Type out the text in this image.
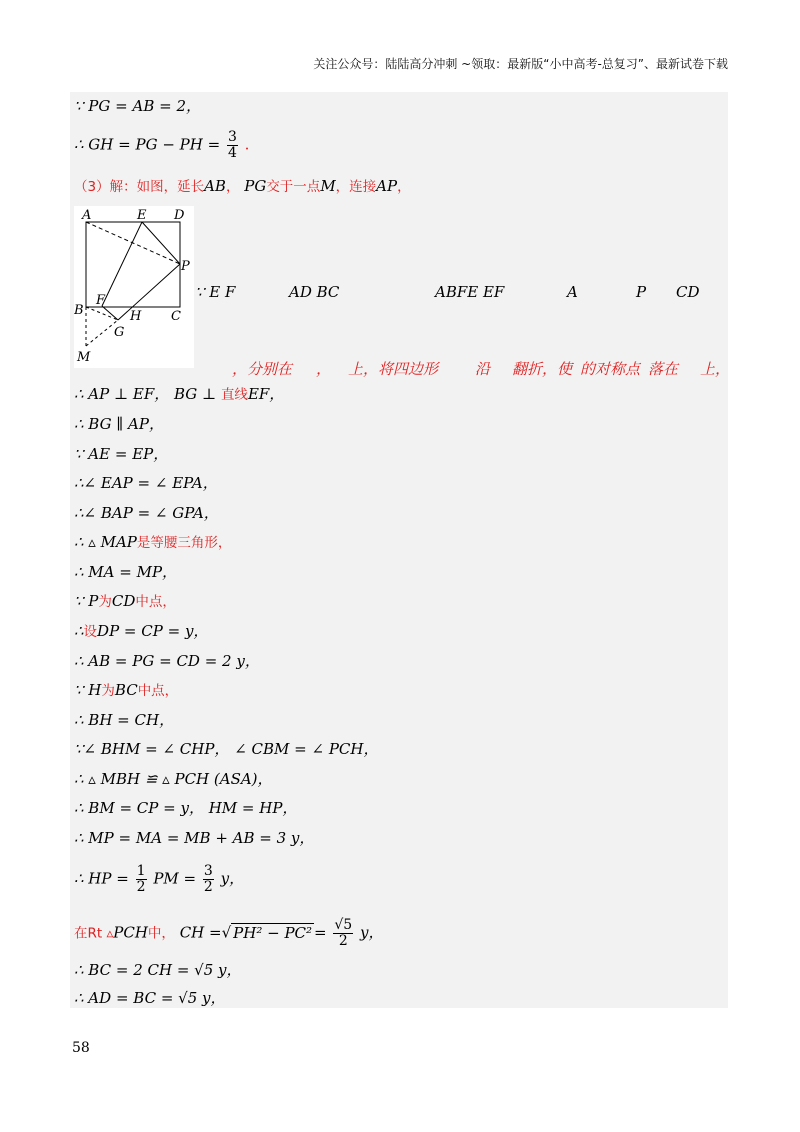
关注公众号：陆陆高分冲刺 ~领取：最新版“小中高考-总复习”、最新试卷下载
∵ PG = AB = 2，
∴ GH = PG − PH = $\frac{3}{4}$ .
（3）解：如图，延长AB， PG交于一点M，连接AP，
∴ AP ⊥ EF， BG ⊥ 直线EF，
∴ BG ∥ AP，
∵ AE = EP，
∴∠ EAP = ∠ EPA，
∴∠ BAP = ∠ GPA，
∴ ▵ MAP是等腰三角形，
∴ MA = MP，
∵ P为CD中点，
∴设DP = CP = y，
∴ AB = PG = CD = 2 y，
∵ H为BC中点，
∴ BH = CH，
∵∠ BHM = ∠ CHP， ∠ CBM = ∠ PCH，
∴ ▵ MBH ≌ ▵ PCH (ASA)，
∴ BM = CP = y， HM = HP，
∴ MP = MA = MB + AB = 3 y，
∴ HP = $\frac{1}{2}$ PM = $\frac{3}{2}$ y，
在Rt ▵PCH中， CH =√ $PH^2 - PC^2 = \frac{√5}{2}$ y，
∴ BC = 2 CH = √5 y，
∴ AD = BC = √5 y，
A	E D
P
F
B	H C
G
M
∵ E F	AD BC	ABFE EF	A	P CD
， 分别在 ， 上，将四边形 沿 翻折，使 的对称点 落在 上，
58
